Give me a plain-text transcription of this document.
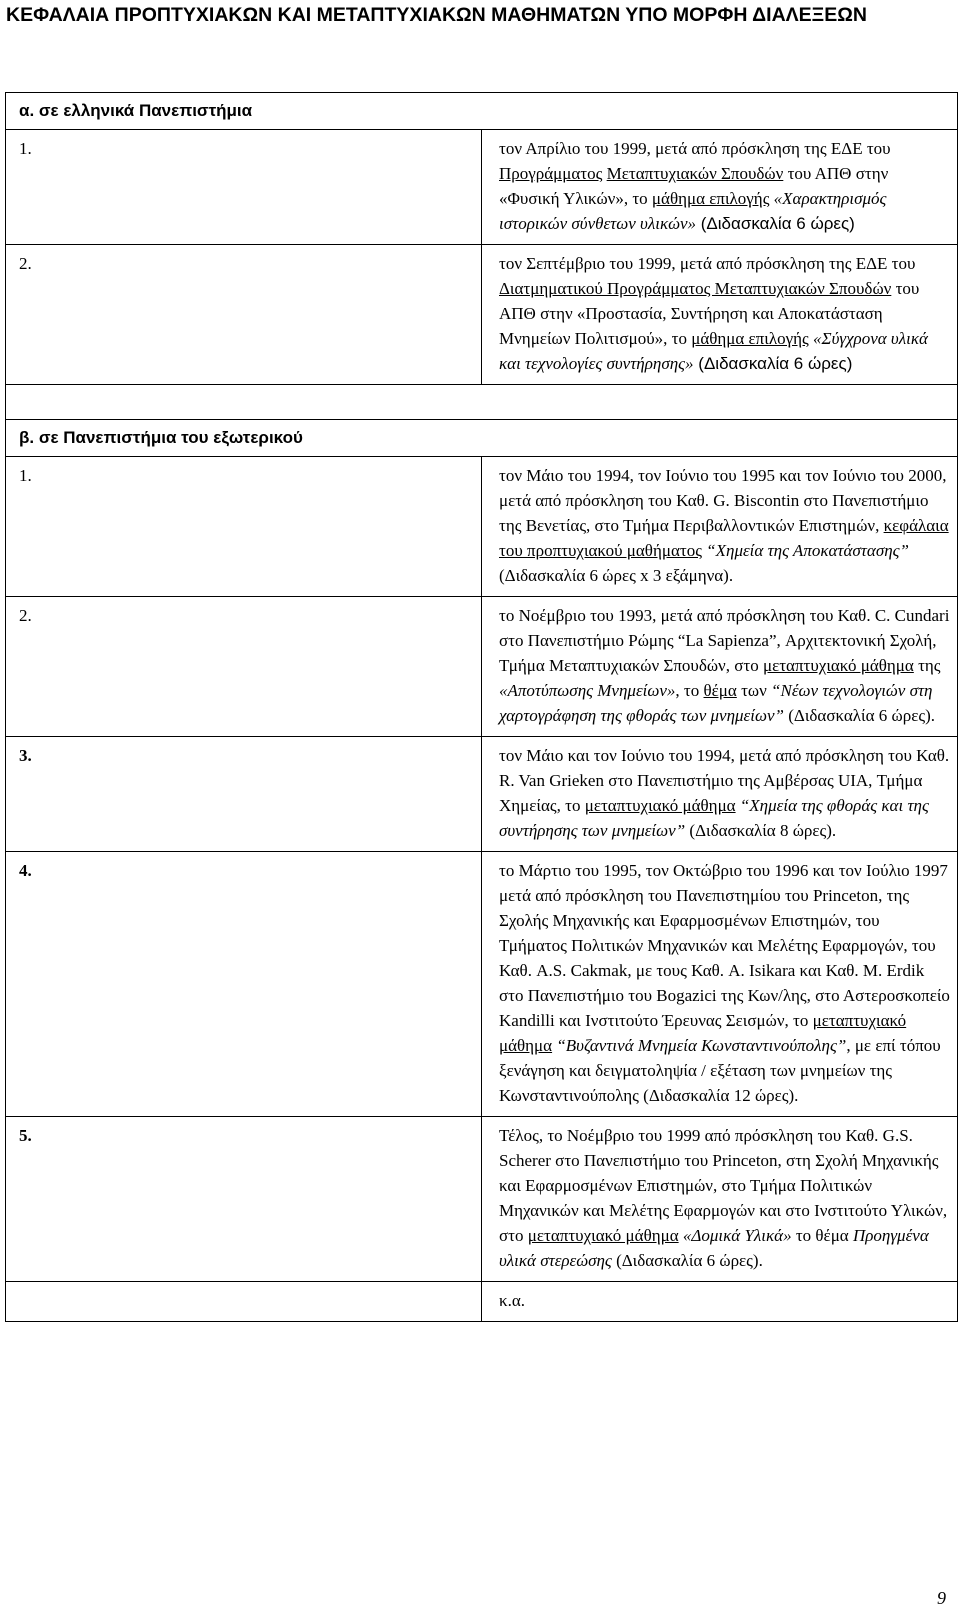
ΚΕΦΑΛΑΙΑ ΠΡΟΠΤΥΧΙΑΚΩΝ ΚΑΙ ΜΕΤΑΠΤΥΧΙΑΚΩΝ ΜΑΘΗΜΑΤΩΝ ΥΠΟ ΜΟΡΦΗ ΔΙΑΛΕΞΕΩΝ
α. σε ελληνικά Πανεπιστήμια	
1.	τον Απρίλιο του 1999, μετά από πρόσκληση της ΕΔΕ του Προγράμματος Μεταπτυχιακών Σπουδών του ΑΠΘ στην «Φυσική Υλικών», το μάθημα επιλογής «Χαρακτηρισμός ιστορικών σύνθετων υλικών» (Διδασκαλία 6 ώρες)
2.	τον Σεπτέμβριο του 1999, μετά από πρόσκληση της ΕΔΕ του Διατμηματικού Προγράμματος Μεταπτυχιακών Σπουδών του ΑΠΘ στην «Προστασία, Συντήρηση και Αποκατάσταση Μνημείων Πολιτισμού», το μάθημα επιλογής «Σύγχρονα υλικά και τεχνολογίες συντήρησης» (Διδασκαλία 6 ώρες)

β. σε Πανεπιστήμια του εξωτερικού	
1.	τον Μάιο του 1994, τον Ιούνιο του 1995 και τον Ιούνιο του 2000, μετά από πρόσκληση του Καθ. G. Biscontin στο Πανεπιστήμιο της Βενετίας, στο Τμήμα Περιβαλλοντικών Επιστημών, κεφάλαια του προπτυχιακού μαθήματος “Χημεία της Αποκατάστασης” (Διδασκαλία 6 ώρες x 3 εξάμηνα).
2.	το Νοέμβριο του 1993, μετά από πρόσκληση του Καθ. C. Cundari στο Πανεπιστήμιο Ρώμης “La Sapienza”, Αρχιτεκτονική Σχολή, Τμήμα Μεταπτυχιακών Σπουδών, στο μεταπτυχιακό μάθημα της «Αποτύπωσης Μνημείων», το θέμα των “Νέων τεχνολογιών στη χαρτογράφηση της φθοράς των μνημείων” (Διδασκαλία 6 ώρες).
3.	τον Μάιο και τον Ιούνιο του 1994, μετά από πρόσκληση του Καθ. R. Van Grieken στο Πανεπιστήμιο της Αμβέρσας UIA, Τμήμα Χημείας, το μεταπτυχιακό μάθημα “Χημεία της φθοράς και της συντήρησης των μνημείων” (Διδασκαλία 8 ώρες).
4.	το Μάρτιο του 1995, τον Οκτώβριο του 1996 και τον Ιούλιο 1997 μετά από πρόσκληση του Πανεπιστημίου του Princeton, της Σχολής Μηχανικής και Εφαρμοσμένων Επιστημών, του Τμήματος Πολιτικών Μηχανικών και Μελέτης Εφαρμογών, του Καθ. A.S. Cakmak, με τους Καθ. A. Isikara και Καθ. M. Erdik στο Πανεπιστήμιο του Bogazici της Κων/λης, στο Αστεροσκοπείο Kandilli και Ινστιτούτο Έρευνας Σεισμών, το μεταπτυχιακό μάθημα “Βυζαντινά Μνημεία Κωνσταντινούπολης”, με επί τόπου ξενάγηση και δειγματοληψία / εξέταση των μνημείων της Κωνσταντινούπολης (Διδασκαλία 12 ώρες).
5.	Τέλος, το Νοέμβριο του 1999 από πρόσκληση του Καθ. G.S. Scherer στο Πανεπιστήμιο του Princeton, στη Σχολή Μηχανικής και Εφαρμοσμένων Επιστημών, στο Τμήμα Πολιτικών Μηχανικών και Μελέτης Εφαρμογών και στο Ινστιτούτο Υλικών, στο μεταπτυχιακό μάθημα «Δομικά Υλικά» το θέμα Προηγμένα υλικά στερεώσης (Διδασκαλία 6 ώρες).
	κ.α.

9
